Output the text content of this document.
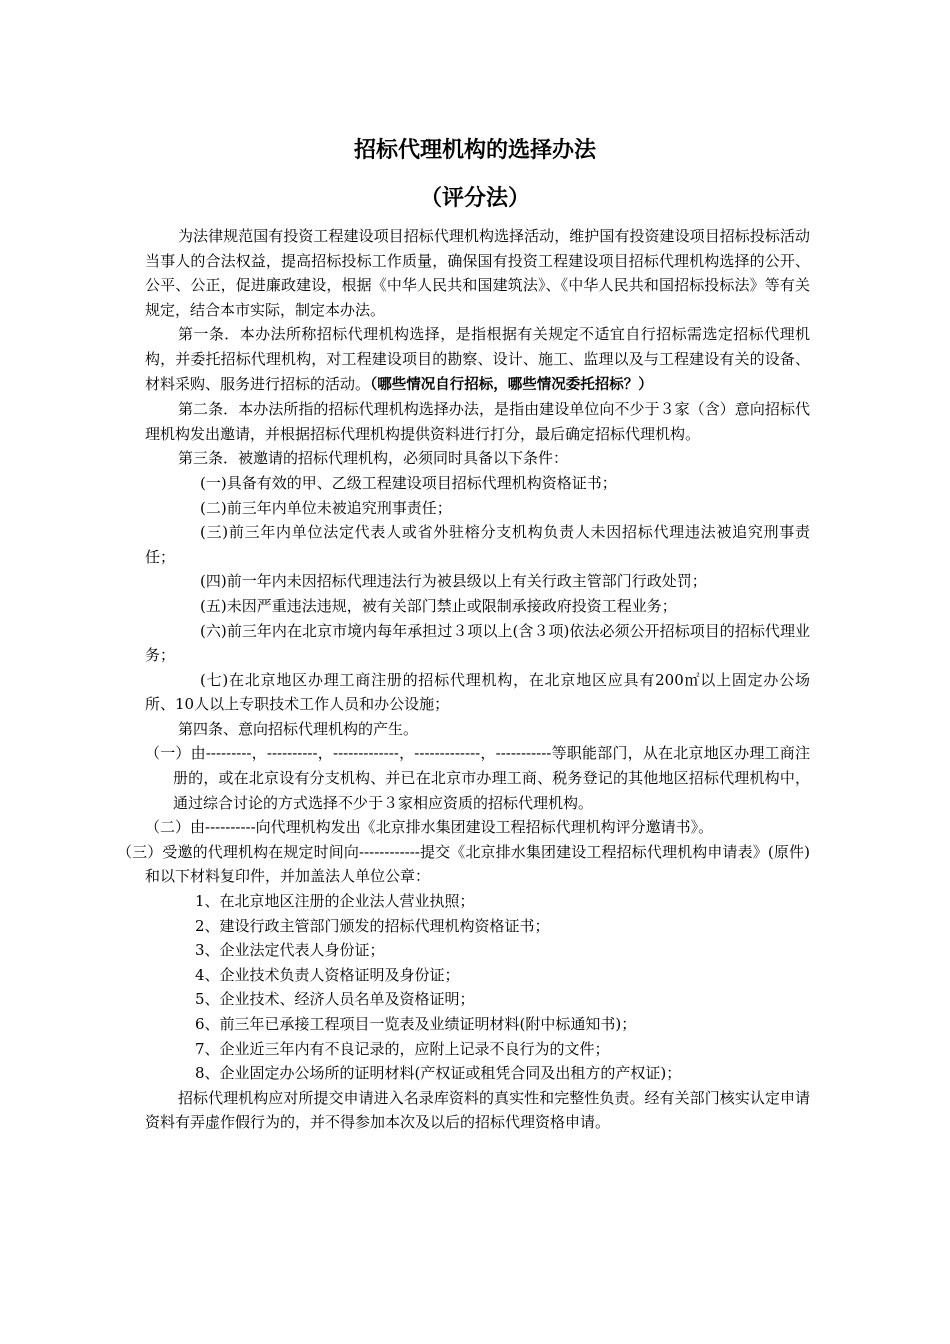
招标代理机构的选择办法
（评分法）

为法律规范国有投资工程建设项目招标代理机构选择活动，维护国有投资建设项目招标投标活动当事人的合法权益，提高招标投标工作质量，确保国有投资工程建设项目招标代理机构选择的公开、公平、公正，促进廉政建设，根据《中华人民共和国建筑法》、《中华人民共和国招标投标法》等有关规定，结合本市实际，制定本办法。

第一条．本办法所称招标代理机构选择，是指根据有关规定不适宜自行招标需选定招标代理机构，并委托招标代理机构，对工程建设项目的勘察、设计、施工、监理以及与工程建设有关的设备、材料采购、服务进行招标的活动。（哪些情况自行招标，哪些情况委托招标？）

第二条．本办法所指的招标代理机构选择办法，是指由建设单位向不少于３家（含）意向招标代理机构发出邀请，并根据招标代理机构提供资料进行打分，最后确定招标代理机构。

第三条．被邀请的招标代理机构，必须同时具备以下条件：

(一)具备有效的甲、乙级工程建设项目招标代理机构资格证书；

(二)前三年内单位未被追究刑事责任；

(三)前三年内单位法定代表人或省外驻榕分支机构负责人未因招标代理违法被追究刑事责任；

(四)前一年内未因招标代理违法行为被县级以上有关行政主管部门行政处罚；

(五)未因严重违法违规，被有关部门禁止或限制承接政府投资工程业务；

(六)前三年内在北京市境内每年承担过３项以上(含３项)依法必须公开招标项目的招标代理业务；

(七)在北京地区办理工商注册的招标代理机构，在北京地区应具有200㎡以上固定办公场所、10人以上专职技术工作人员和办公设施；

第四条、意向招标代理机构的产生。

（一）由---------，----------，-------------，-------------，-----------等职能部门，从在北京地区办理工商注册的，或在北京设有分支机构、并已在北京市办理工商、税务登记的其他地区招标代理机构中，通过综合讨论的方式选择不少于３家相应资质的招标代理机构。

（二）由----------向代理机构发出《北京排水集团建设工程招标代理机构评分邀请书》。

（三）受邀的代理机构在规定时间向------------提交《北京排水集团建设工程招标代理机构申请表》(原件)和以下材料复印件，并加盖法人单位公章：

1、在北京地区注册的企业法人营业执照；

2、建设行政主管部门颁发的招标代理机构资格证书；

3、企业法定代表人身份证；

4、企业技术负责人资格证明及身份证；

5、企业技术、经济人员名单及资格证明；

6、前三年已承接工程项目一览表及业绩证明材料(附中标通知书)；

7、企业近三年内有不良记录的，应附上记录不良行为的文件；

8、企业固定办公场所的证明材料(产权证或租凭合同及出租方的产权证)；

招标代理机构应对所提交申请进入名录库资料的真实性和完整性负责。经有关部门核实认定申请资料有弄虚作假行为的，并不得参加本次及以后的招标代理资格申请。
